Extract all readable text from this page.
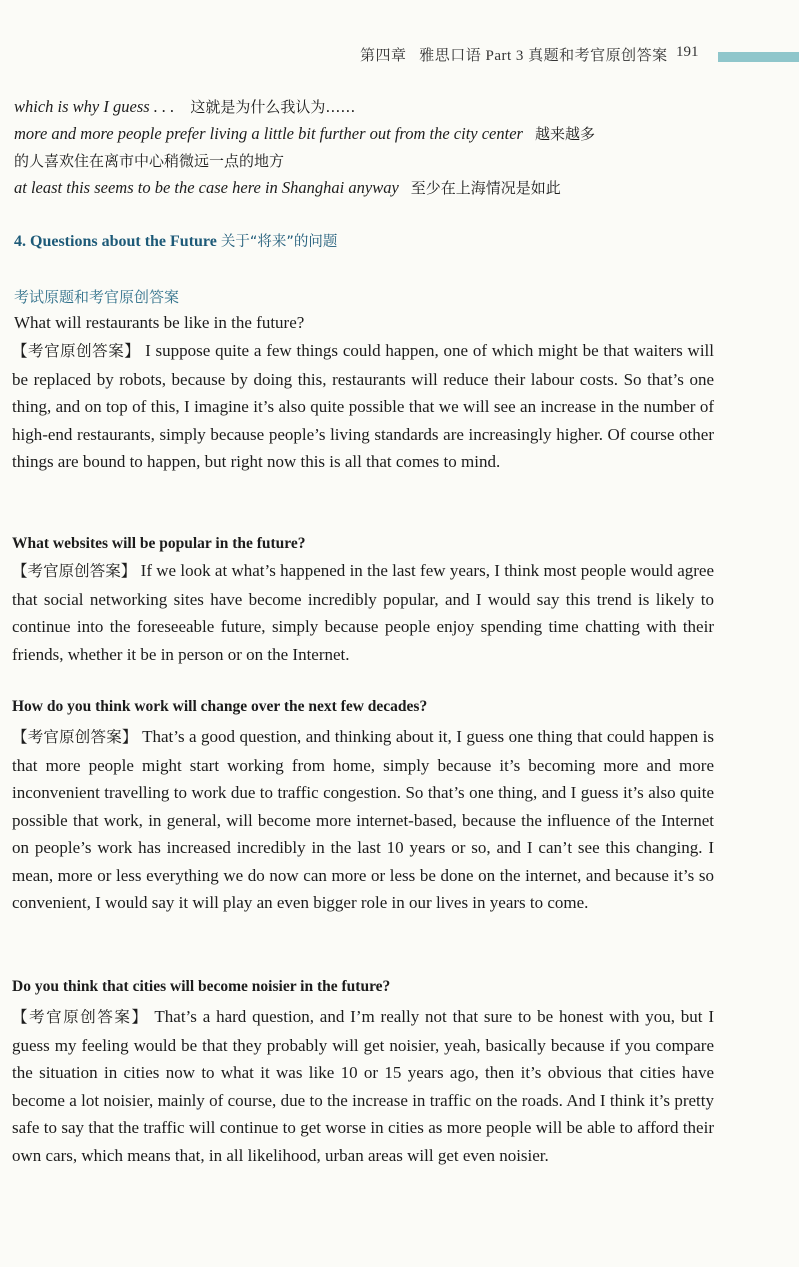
第四章 雅思口语 Part 3 真题和考官原创答案 191
which is why I guess . . . 这就是为什么我认为……
more and more people prefer living a little bit further out from the city center 越来越多
的人喜欢住在离市中心稍微远一点的地方
at least this seems to be the case here in Shanghai anyway 至少在上海情况是如此
4. Questions about the Future 关于“将来”的问题
考试原题和考官原创答案
What will restaurants be like in the future?
【考官原创答案】 I suppose quite a few things could happen, one of which might be that waiters will be replaced by robots, because by doing this, restaurants will reduce their labour costs. So that’s one thing, and on top of this, I imagine it’s also quite possible that we will see an increase in the number of high-end restaurants, simply because people’s living standards are increasingly higher. Of course other things are bound to happen, but right now this is all that comes to mind.
What websites will be popular in the future?
【考官原创答案】 If we look at what’s happened in the last few years, I think most people would agree that social networking sites have become incredibly popular, and I would say this trend is likely to continue into the foreseeable future, simply because people enjoy spending time chatting with their friends, whether it be in person or on the Internet.
How do you think work will change over the next few decades?
【考官原创答案】 That’s a good question, and thinking about it, I guess one thing that could happen is that more people might start working from home, simply because it’s becoming more and more inconvenient travelling to work due to traffic congestion. So that’s one thing, and I guess it’s also quite possible that work, in general, will become more internet-based, because the influence of the Internet on people’s work has increased incredibly in the last 10 years or so, and I can’t see this changing. I mean, more or less everything we do now can more or less be done on the internet, and because it’s so convenient, I would say it will play an even bigger role in our lives in years to come.
Do you think that cities will become noisier in the future?
【考官原创答案】 That’s a hard question, and I’m really not that sure to be honest with you, but I guess my feeling would be that they probably will get noisier, yeah, basically because if you compare the situation in cities now to what it was like 10 or 15 years ago, then it’s obvious that cities have become a lot noisier, mainly of course, due to the increase in traffic on the roads. And I think it’s pretty safe to say that the traffic will continue to get worse in cities as more people will be able to afford their own cars, which means that, in all likelihood, urban areas will get even noisier.
